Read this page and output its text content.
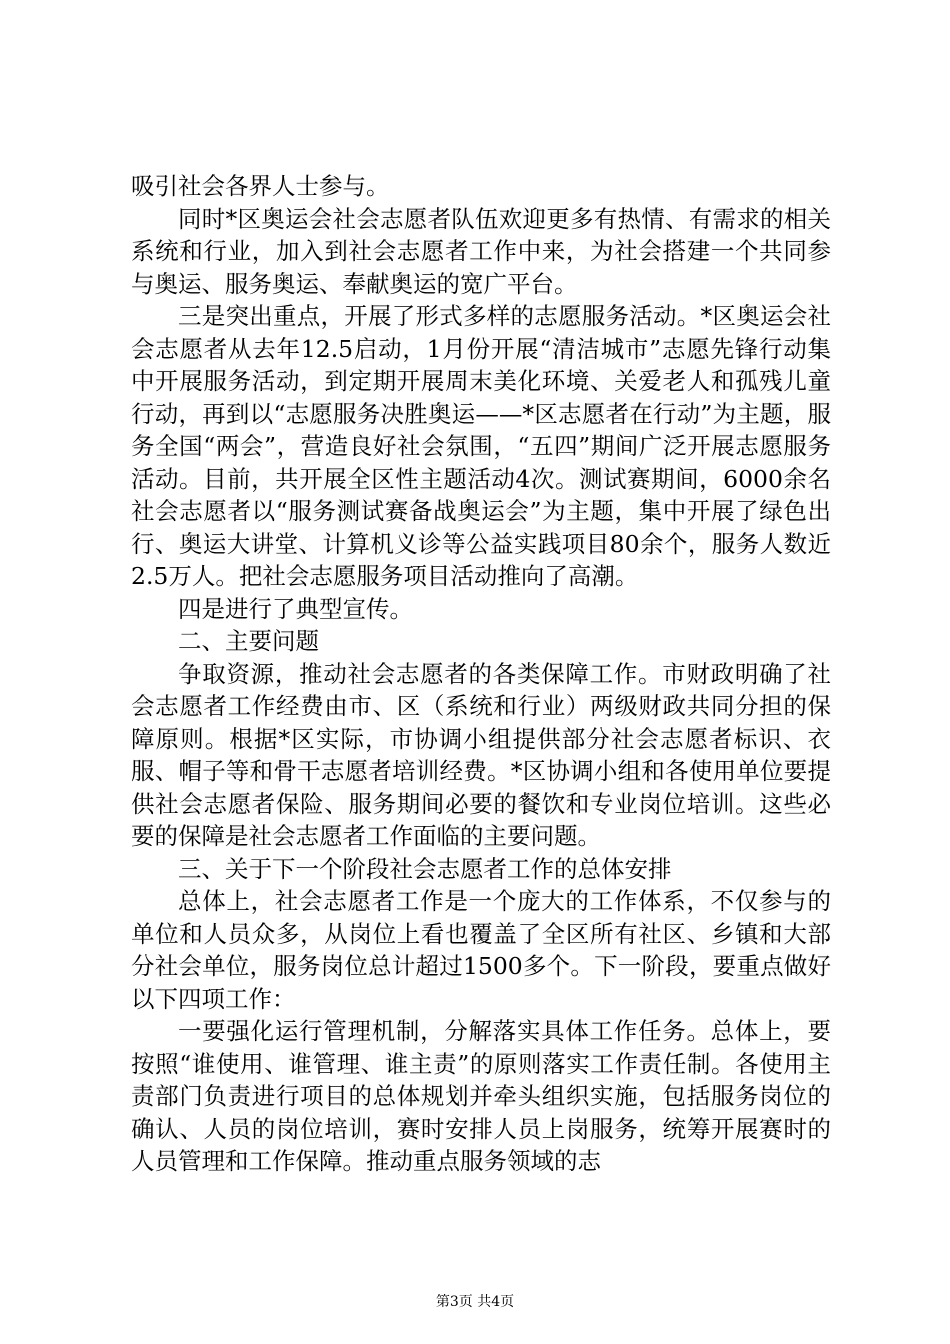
吸引社会各界人士参与。

同时*区奥运会社会志愿者队伍欢迎更多有热情、有需求的相关系统和行业，加入到社会志愿者工作中来，为社会搭建一个共同参与奥运、服务奥运、奉献奥运的宽广平台。

三是突出重点，开展了形式多样的志愿服务活动。*区奥运会社会志愿者从去年12.5启动，1月份开展“清洁城市”志愿先锋行动集中开展服务活动，到定期开展周末美化环境、关爱老人和孤残儿童行动，再到以“志愿服务决胜奥运——*区志愿者在行动”为主题，服务全国“两会”，营造良好社会氛围，“五四”期间广泛开展志愿服务活动。目前，共开展全区性主题活动4次。测试赛期间，6000余名社会志愿者以“服务测试赛备战奥运会”为主题，集中开展了绿色出行、奥运大讲堂、计算机义诊等公益实践项目80余个，服务人数近2.5万人。把社会志愿服务项目活动推向了高潮。

四是进行了典型宣传。

二、主要问题

争取资源，推动社会志愿者的各类保障工作。市财政明确了社会志愿者工作经费由市、区（系统和行业）两级财政共同分担的保障原则。根据*区实际，市协调小组提供部分社会志愿者标识、衣服、帽子等和骨干志愿者培训经费。*区协调小组和各使用单位要提供社会志愿者保险、服务期间必要的餐饮和专业岗位培训。这些必要的保障是社会志愿者工作面临的主要问题。

三、关于下一个阶段社会志愿者工作的总体安排

总体上，社会志愿者工作是一个庞大的工作体系，不仅参与的单位和人员众多，从岗位上看也覆盖了全区所有社区、乡镇和大部分社会单位，服务岗位总计超过1500多个。下一阶段，要重点做好以下四项工作：

一要强化运行管理机制，分解落实具体工作任务。总体上，要按照“谁使用、谁管理、谁主责”的原则落实工作责任制。各使用主责部门负责进行项目的总体规划并牵头组织实施，包括服务岗位的确认、人员的岗位培训，赛时安排人员上岗服务，统筹开展赛时的人员管理和工作保障。推动重点服务领域的志

第3页 共4页
